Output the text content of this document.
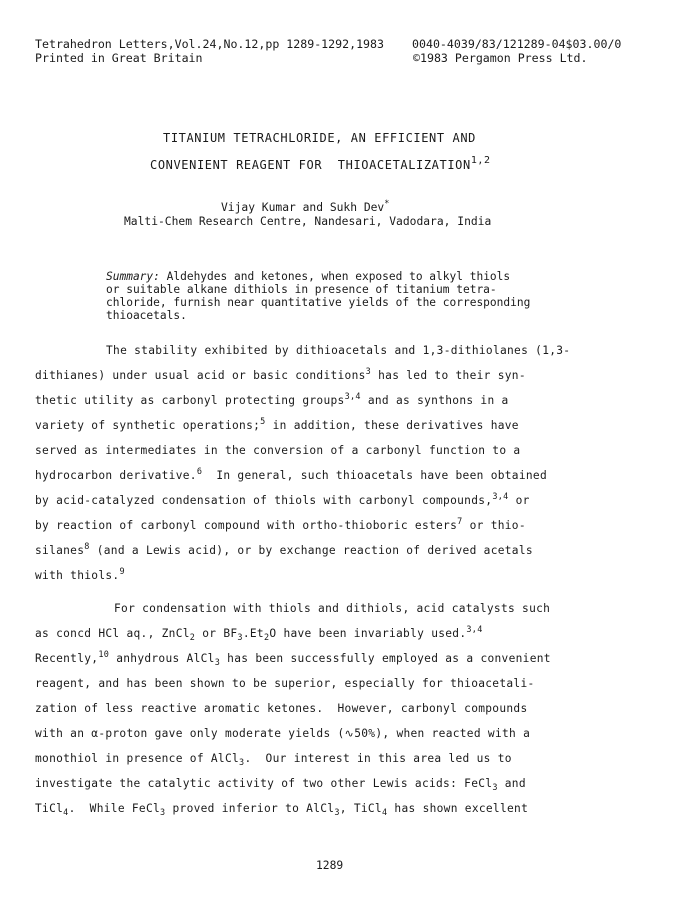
Tetrahedron Letters,Vol.24,No.12,pp 1289-1292,1983 0040-4039/83/121289-04$03.00/0
Printed in Great Britain	©1983 Pergamon Press Ltd.
TITANIUM TETRACHLORIDE, AN EFFICIENT AND
CONVENIENT REAGENT FOR  THIOACETALIZATION$^{1,2}$
Vijay Kumar and Sukh Dev*
Malti-Chem Research Centre, Nandesari, Vadodara, India
Summary: Aldehydes and ketones, when exposed to alkyl thiols
or suitable alkane dithiols in presence of titanium tetra-
chloride, furnish near quantitative yields of the corresponding
thioacetals.
The stability exhibited by dithioacetals and 1,3-dithiolanes (1,3-
dithianes) under usual acid or basic conditions$^3$ has led to their syn-
thetic utility as carbonyl protecting groups$^{3,4}$ and as synthons in a
variety of synthetic operations;$^5$ in addition, these derivatives have
served as intermediates in the conversion of a carbonyl function to a
hydrocarbon derivative.$^6$  In general, such thioacetals have been obtained
by acid-catalyzed condensation of thiols with carbonyl compounds,$^{3,4}$ or
by reaction of carbonyl compound with ortho-thioboric esters$^7$ or thio-
silanes$^8$ (and a Lewis acid), or by exchange reaction of derived acetals
with thiols.$^9$
For condensation with thiols and dithiols, acid catalysts such
as concd HCl aq., ZnCl$_2$ or $BF_3.Et_2O$ have been invariably used.$^{3,4}$
Recently,$^{10}$ anhydrous AlCl$_3$ has been successfully employed as a convenient
reagent, and has been shown to be superior, especially for thioacetali-
zation of less reactive aromatic ketones.  However, carbonyl compounds
with an α-proton gave only moderate yields (∿50%), when reacted with a
monothiol in presence of AlCl$_3$.  Our interest in this area led us to
investigate the catalytic activity of two other Lewis acids: FeCl$_3$ and
TiCl$_4$.  While FeCl$_3$ proved inferior to AlCl$_3$, TiCl$_4$ has shown excellent
1289
